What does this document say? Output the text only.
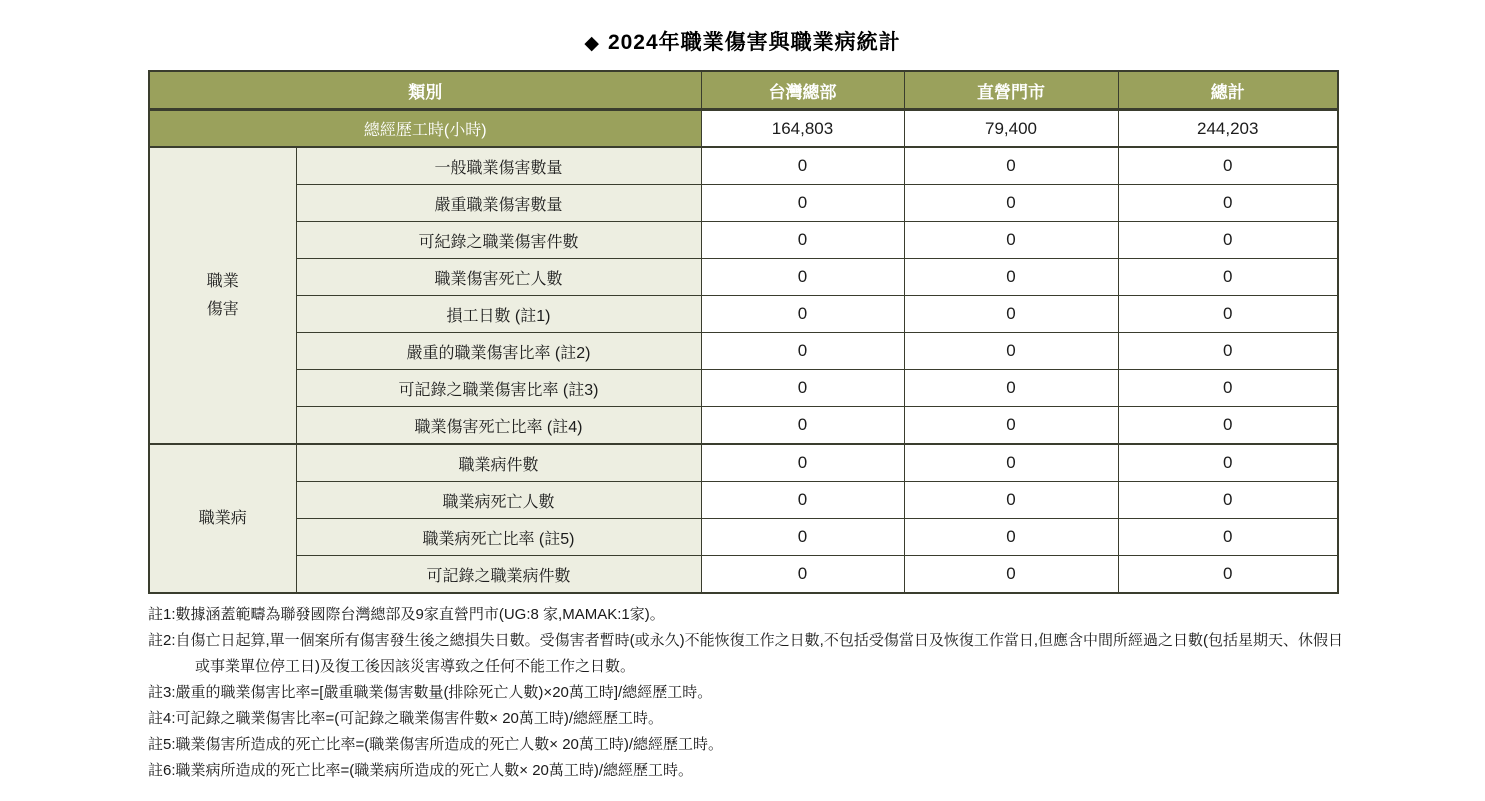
◆ 2024年職業傷害與職業病統計
類別		台灣總部	直營門市	總計
總經歷工時(小時)		164,803	79,400	244,203

職業
傷害	一般職業傷害數量	0	0	0
	嚴重職業傷害數量	0	0	0
	可紀錄之職業傷害件數	0	0	0
	職業傷害死亡人數	0	0	0
	損工日數 (註1)	0	0	0
	嚴重的職業傷害比率 (註2)	0	0	0
	可記錄之職業傷害比率 (註3)	0	0	0
	職業傷害死亡比率 (註4)	0	0	0

職業病	職業病件數	0	0	0
	職業病死亡人數	0	0	0
	職業病死亡比率 (註5)	0	0	0
	可記錄之職業病件數	0	0	0

註1:數據涵蓋範疇為聯發國際台灣總部及9家直營門市(UG:8 家,MAMAK:1家)。

註2:自傷亡日起算,單一個案所有傷害發生後之總損失日數。受傷害者暫時(或永久)不能恢復工作之日數,不包括受傷當日及恢復工作當日,但應含中間所經過之日數(包括星期天、休假日或事業單位停工日)及復工後因該災害導致之任何不能工作之日數。

註3:嚴重的職業傷害比率=[嚴重職業傷害數量(排除死亡人數)×20萬工時]/總經歷工時。

註4:可記錄之職業傷害比率=(可記錄之職業傷害件數× 20萬工時)/總經歷工時。

註5:職業傷害所造成的死亡比率=(職業傷害所造成的死亡人數× 20萬工時)/總經歷工時。

註6:職業病所造成的死亡比率=(職業病所造成的死亡人數× 20萬工時)/總經歷工時。
